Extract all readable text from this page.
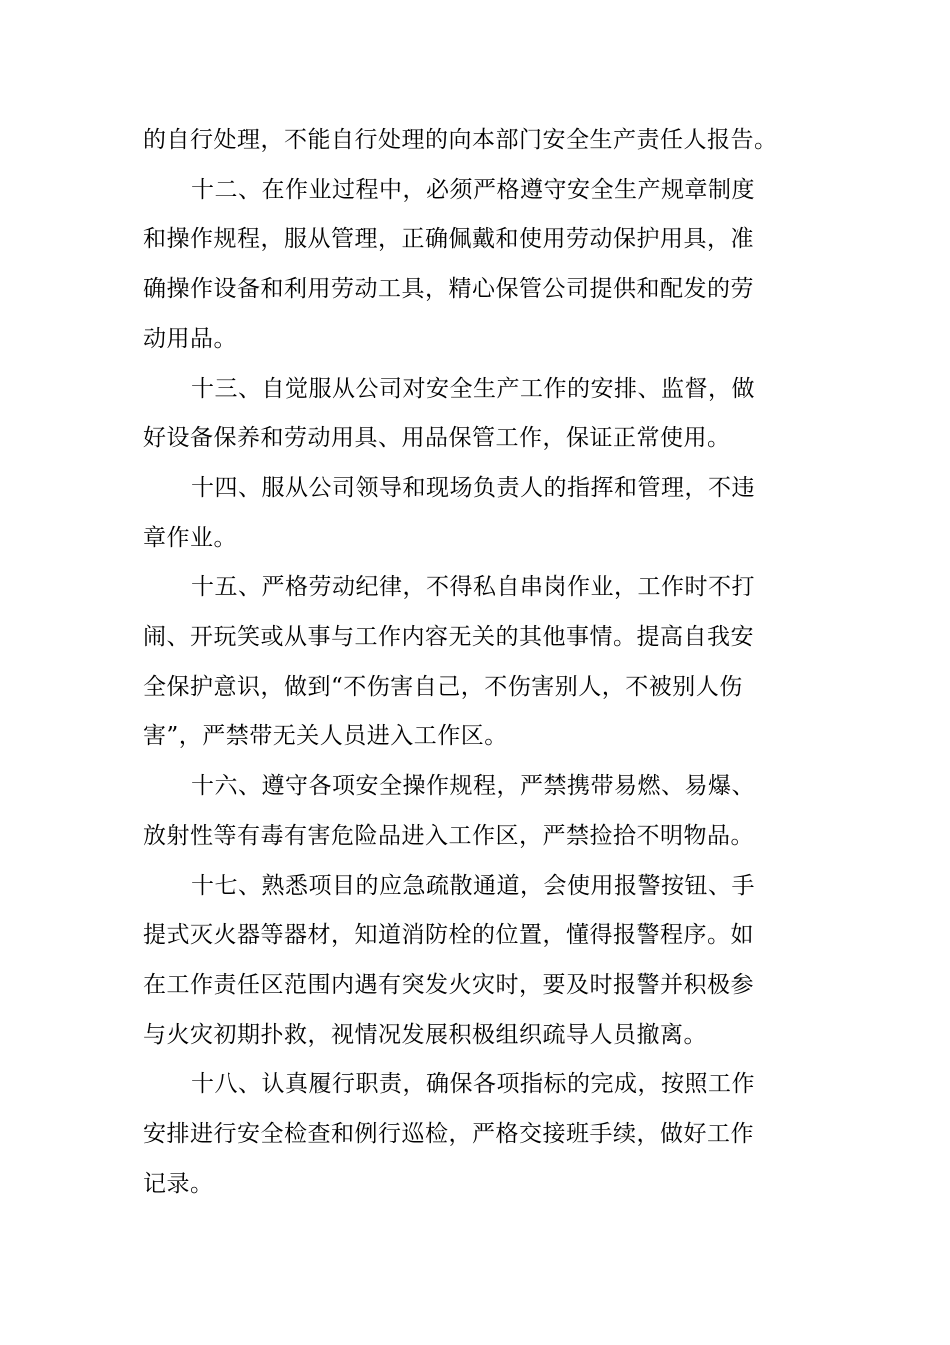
的自行处理，不能自行处理的向本部门安全生产责任人报告。

十二、在作业过程中，必须严格遵守安全生产规章制度
和操作规程，服从管理，正确佩戴和使用劳动保护用具，准
确操作设备和利用劳动工具，精心保管公司提供和配发的劳
动用品。

十三、自觉服从公司对安全生产工作的安排、监督，做
好设备保养和劳动用具、用品保管工作，保证正常使用。

十四、服从公司领导和现场负责人的指挥和管理，不违
章作业。

十五、严格劳动纪律，不得私自串岗作业，工作时不打
闹、开玩笑或从事与工作内容无关的其他事情。提高自我安
全保护意识，做到“不伤害自己，不伤害别人，不被别人伤
害”，严禁带无关人员进入工作区。

十六、遵守各项安全操作规程，严禁携带易燃、易爆、
放射性等有毒有害危险品进入工作区，严禁捡拾不明物品。

十七、熟悉项目的应急疏散通道，会使用报警按钮、手
提式灭火器等器材，知道消防栓的位置，懂得报警程序。如
在工作责任区范围内遇有突发火灾时，要及时报警并积极参
与火灾初期扑救，视情况发展积极组织疏导人员撤离。

十八、认真履行职责，确保各项指标的完成，按照工作
安排进行安全检查和例行巡检，严格交接班手续，做好工作
记录。
